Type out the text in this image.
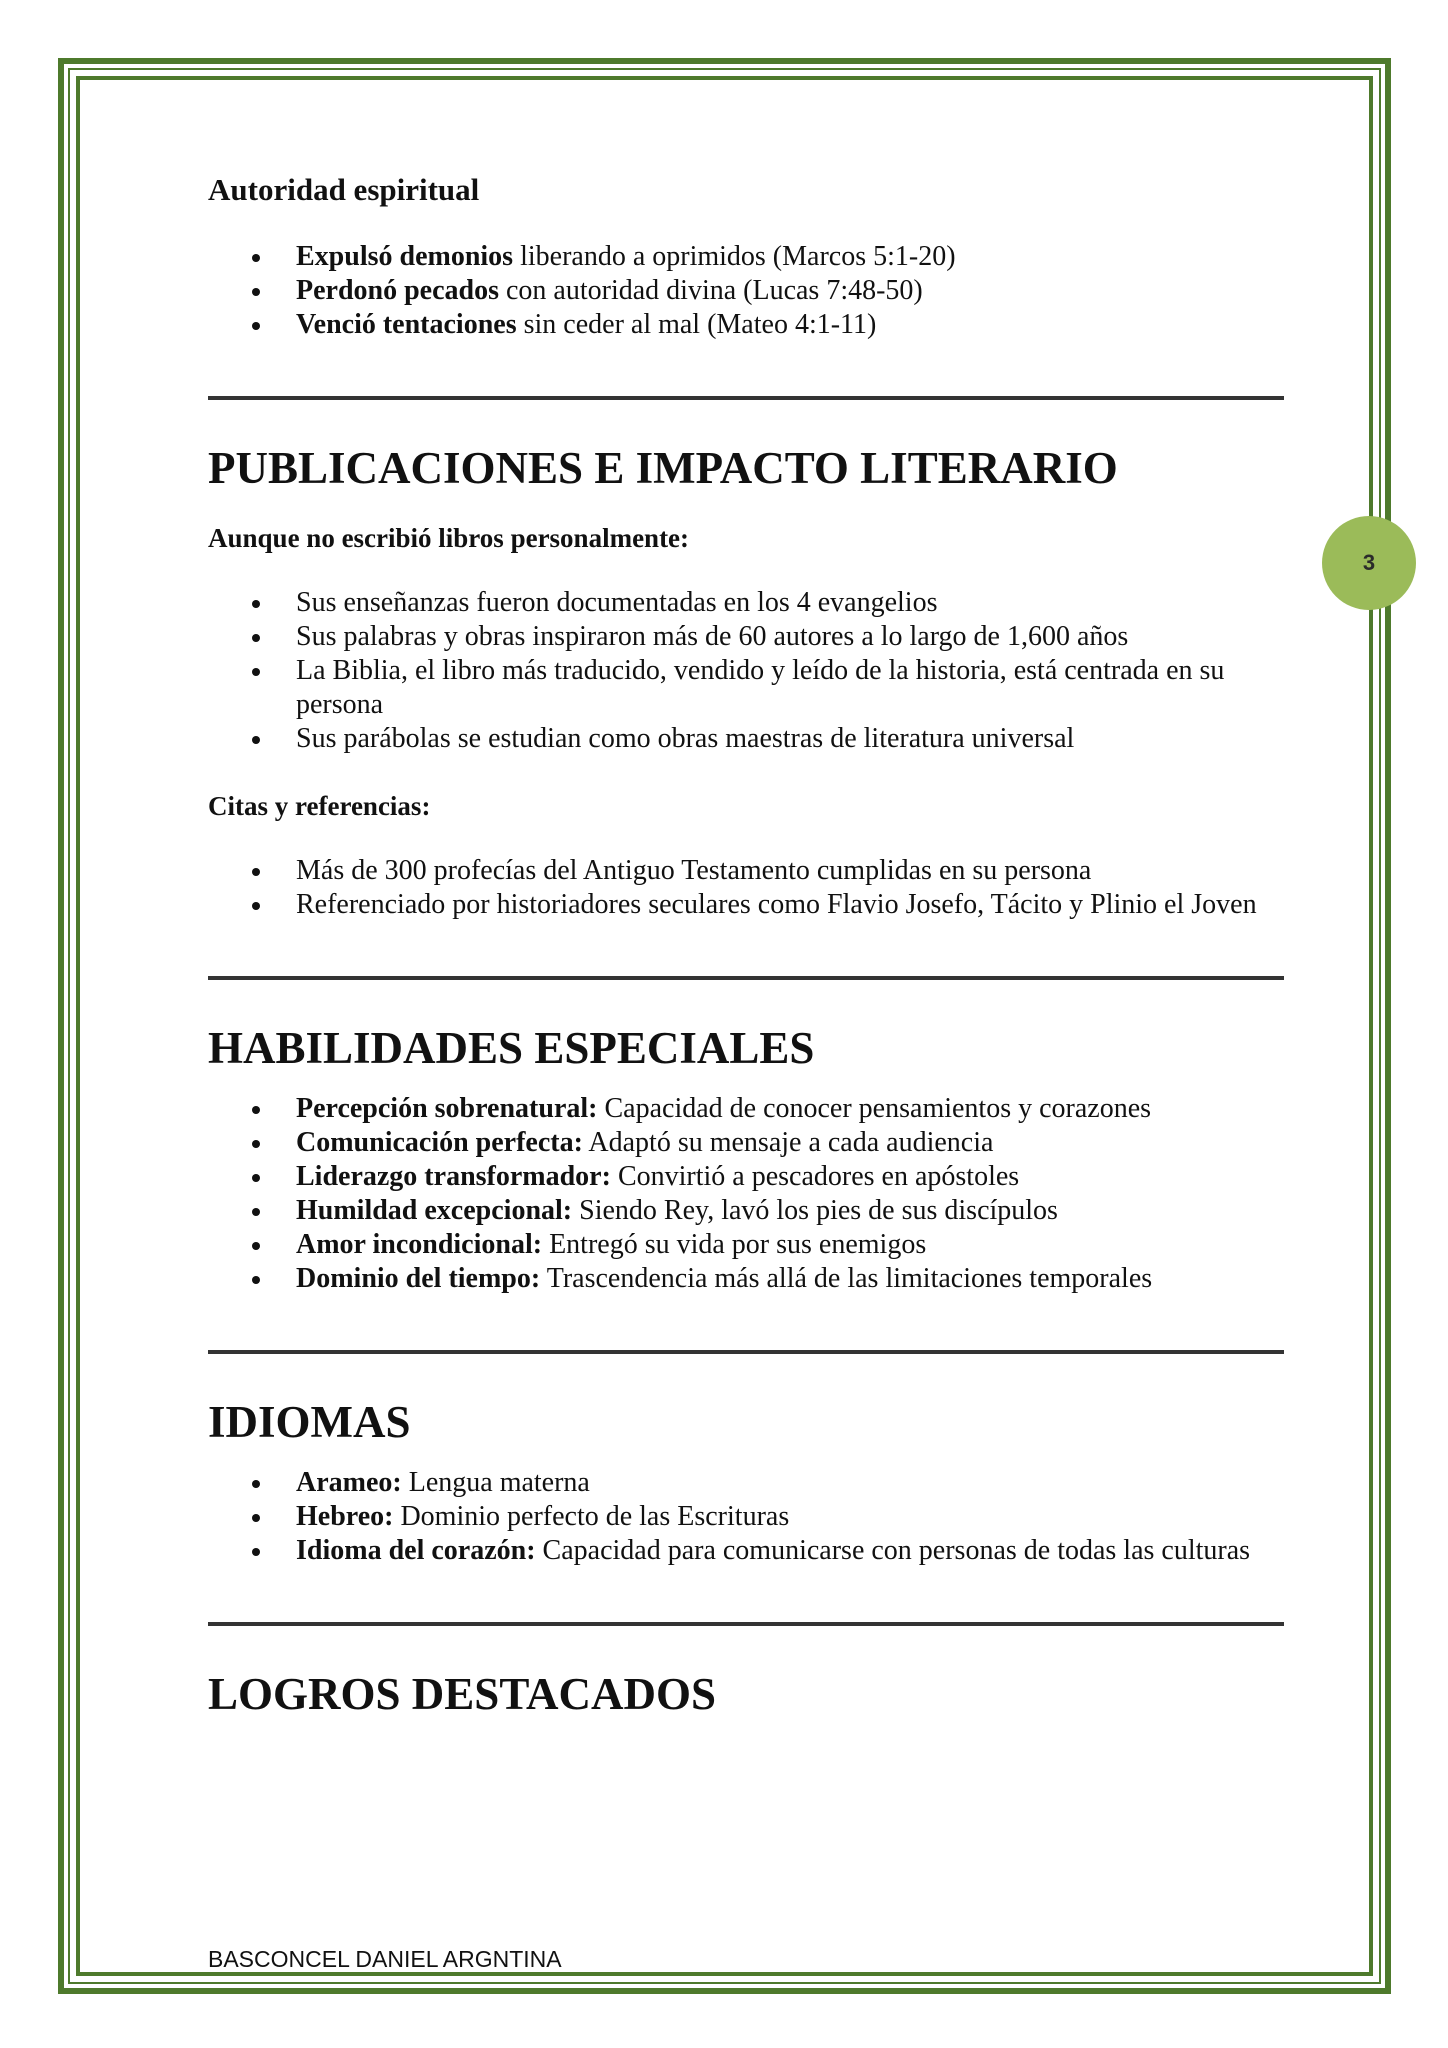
3
Autoridad espiritual
Expulsó demonios liberando a oprimidos (Marcos 5:1-20)
Perdonó pecados con autoridad divina (Lucas 7:48-50)
Venció tentaciones sin ceder al mal (Mateo 4:1-11)
PUBLICACIONES E IMPACTO LITERARIO
Aunque no escribió libros personalmente:
Sus enseñanzas fueron documentadas en los 4 evangelios
Sus palabras y obras inspiraron más de 60 autores a lo largo de 1,600 años
La Biblia, el libro más traducido, vendido y leído de la historia, está centrada en su persona
Sus parábolas se estudian como obras maestras de literatura universal
Citas y referencias:
Más de 300 profecías del Antiguo Testamento cumplidas en su persona
Referenciado por historiadores seculares como Flavio Josefo, Tácito y Plinio el Joven
HABILIDADES ESPECIALES
Percepción sobrenatural: Capacidad de conocer pensamientos y corazones
Comunicación perfecta: Adaptó su mensaje a cada audiencia
Liderazgo transformador: Convirtió a pescadores en apóstoles
Humildad excepcional: Siendo Rey, lavó los pies de sus discípulos
Amor incondicional: Entregó su vida por sus enemigos
Dominio del tiempo: Trascendencia más allá de las limitaciones temporales
IDIOMAS
Arameo: Lengua materna
Hebreo: Dominio perfecto de las Escrituras
Idioma del corazón: Capacidad para comunicarse con personas de todas las culturas
LOGROS DESTACADOS
BASCONCEL DANIEL ARGNTINA
